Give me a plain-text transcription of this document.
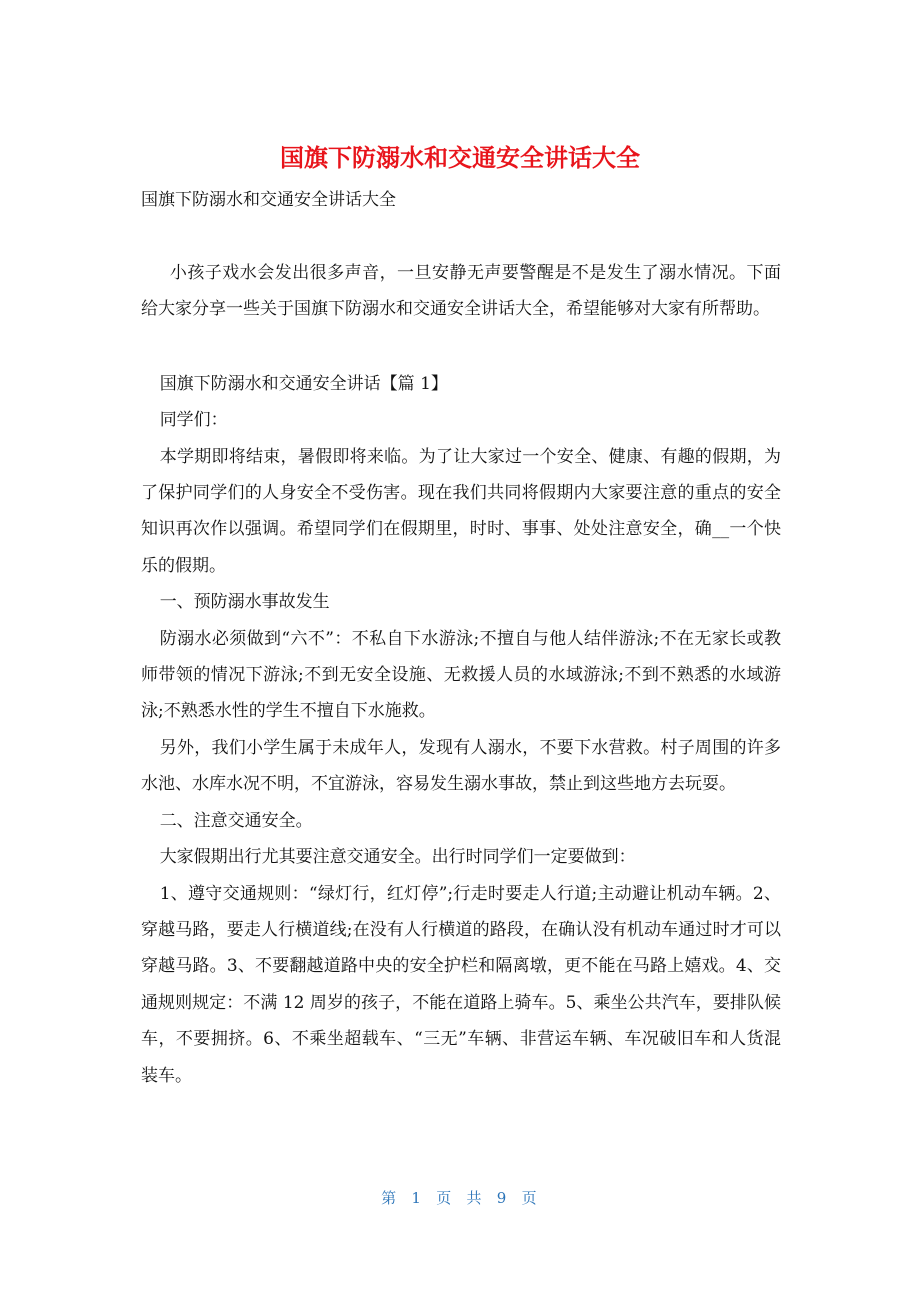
国旗下防溺水和交通安全讲话大全

国旗下防溺水和交通安全讲话大全

小孩子戏水会发出很多声音，一旦安静无声要警醒是不是发生了溺水情况。下面给大家分享一些关于国旗下防溺水和交通安全讲话大全，希望能够对大家有所帮助。

国旗下防溺水和交通安全讲话【篇 1】

同学们：

本学期即将结束，暑假即将来临。为了让大家过一个安全、健康、有趣的假期，为了保护同学们的人身安全不受伤害。现在我们共同将假期内大家要注意的重点的安全知识再次作以强调。希望同学们在假期里，时时、事事、处处注意安全，确__一个快乐的假期。

一、预防溺水事故发生

防溺水必须做到“六不”：不私自下水游泳;不擅自与他人结伴游泳;不在无家长或教师带领的情况下游泳;不到无安全设施、无救援人员的水域游泳;不到不熟悉的水域游泳;不熟悉水性的学生不擅自下水施救。

另外，我们小学生属于未成年人，发现有人溺水，不要下水营救。村子周围的许多水池、水库水况不明，不宜游泳，容易发生溺水事故，禁止到这些地方去玩耍。

二、注意交通安全。

大家假期出行尤其要注意交通安全。出行时同学们一定要做到：

1、遵守交通规则：“绿灯行，红灯停”;行走时要走人行道;主动避让机动车辆。2、穿越马路，要走人行横道线;在没有人行横道的路段，在确认没有机动车通过时才可以穿越马路。3、不要翻越道路中央的安全护栏和隔离墩，更不能在马路上嬉戏。4、交通规则规定：不满 12 周岁的孩子，不能在道路上骑车。5、乘坐公共汽车，要排队候车，不要拥挤。6、不乘坐超载车、“三无”车辆、非营运车辆、车况破旧车和人货混装车。

第 1 页 共 9 页
